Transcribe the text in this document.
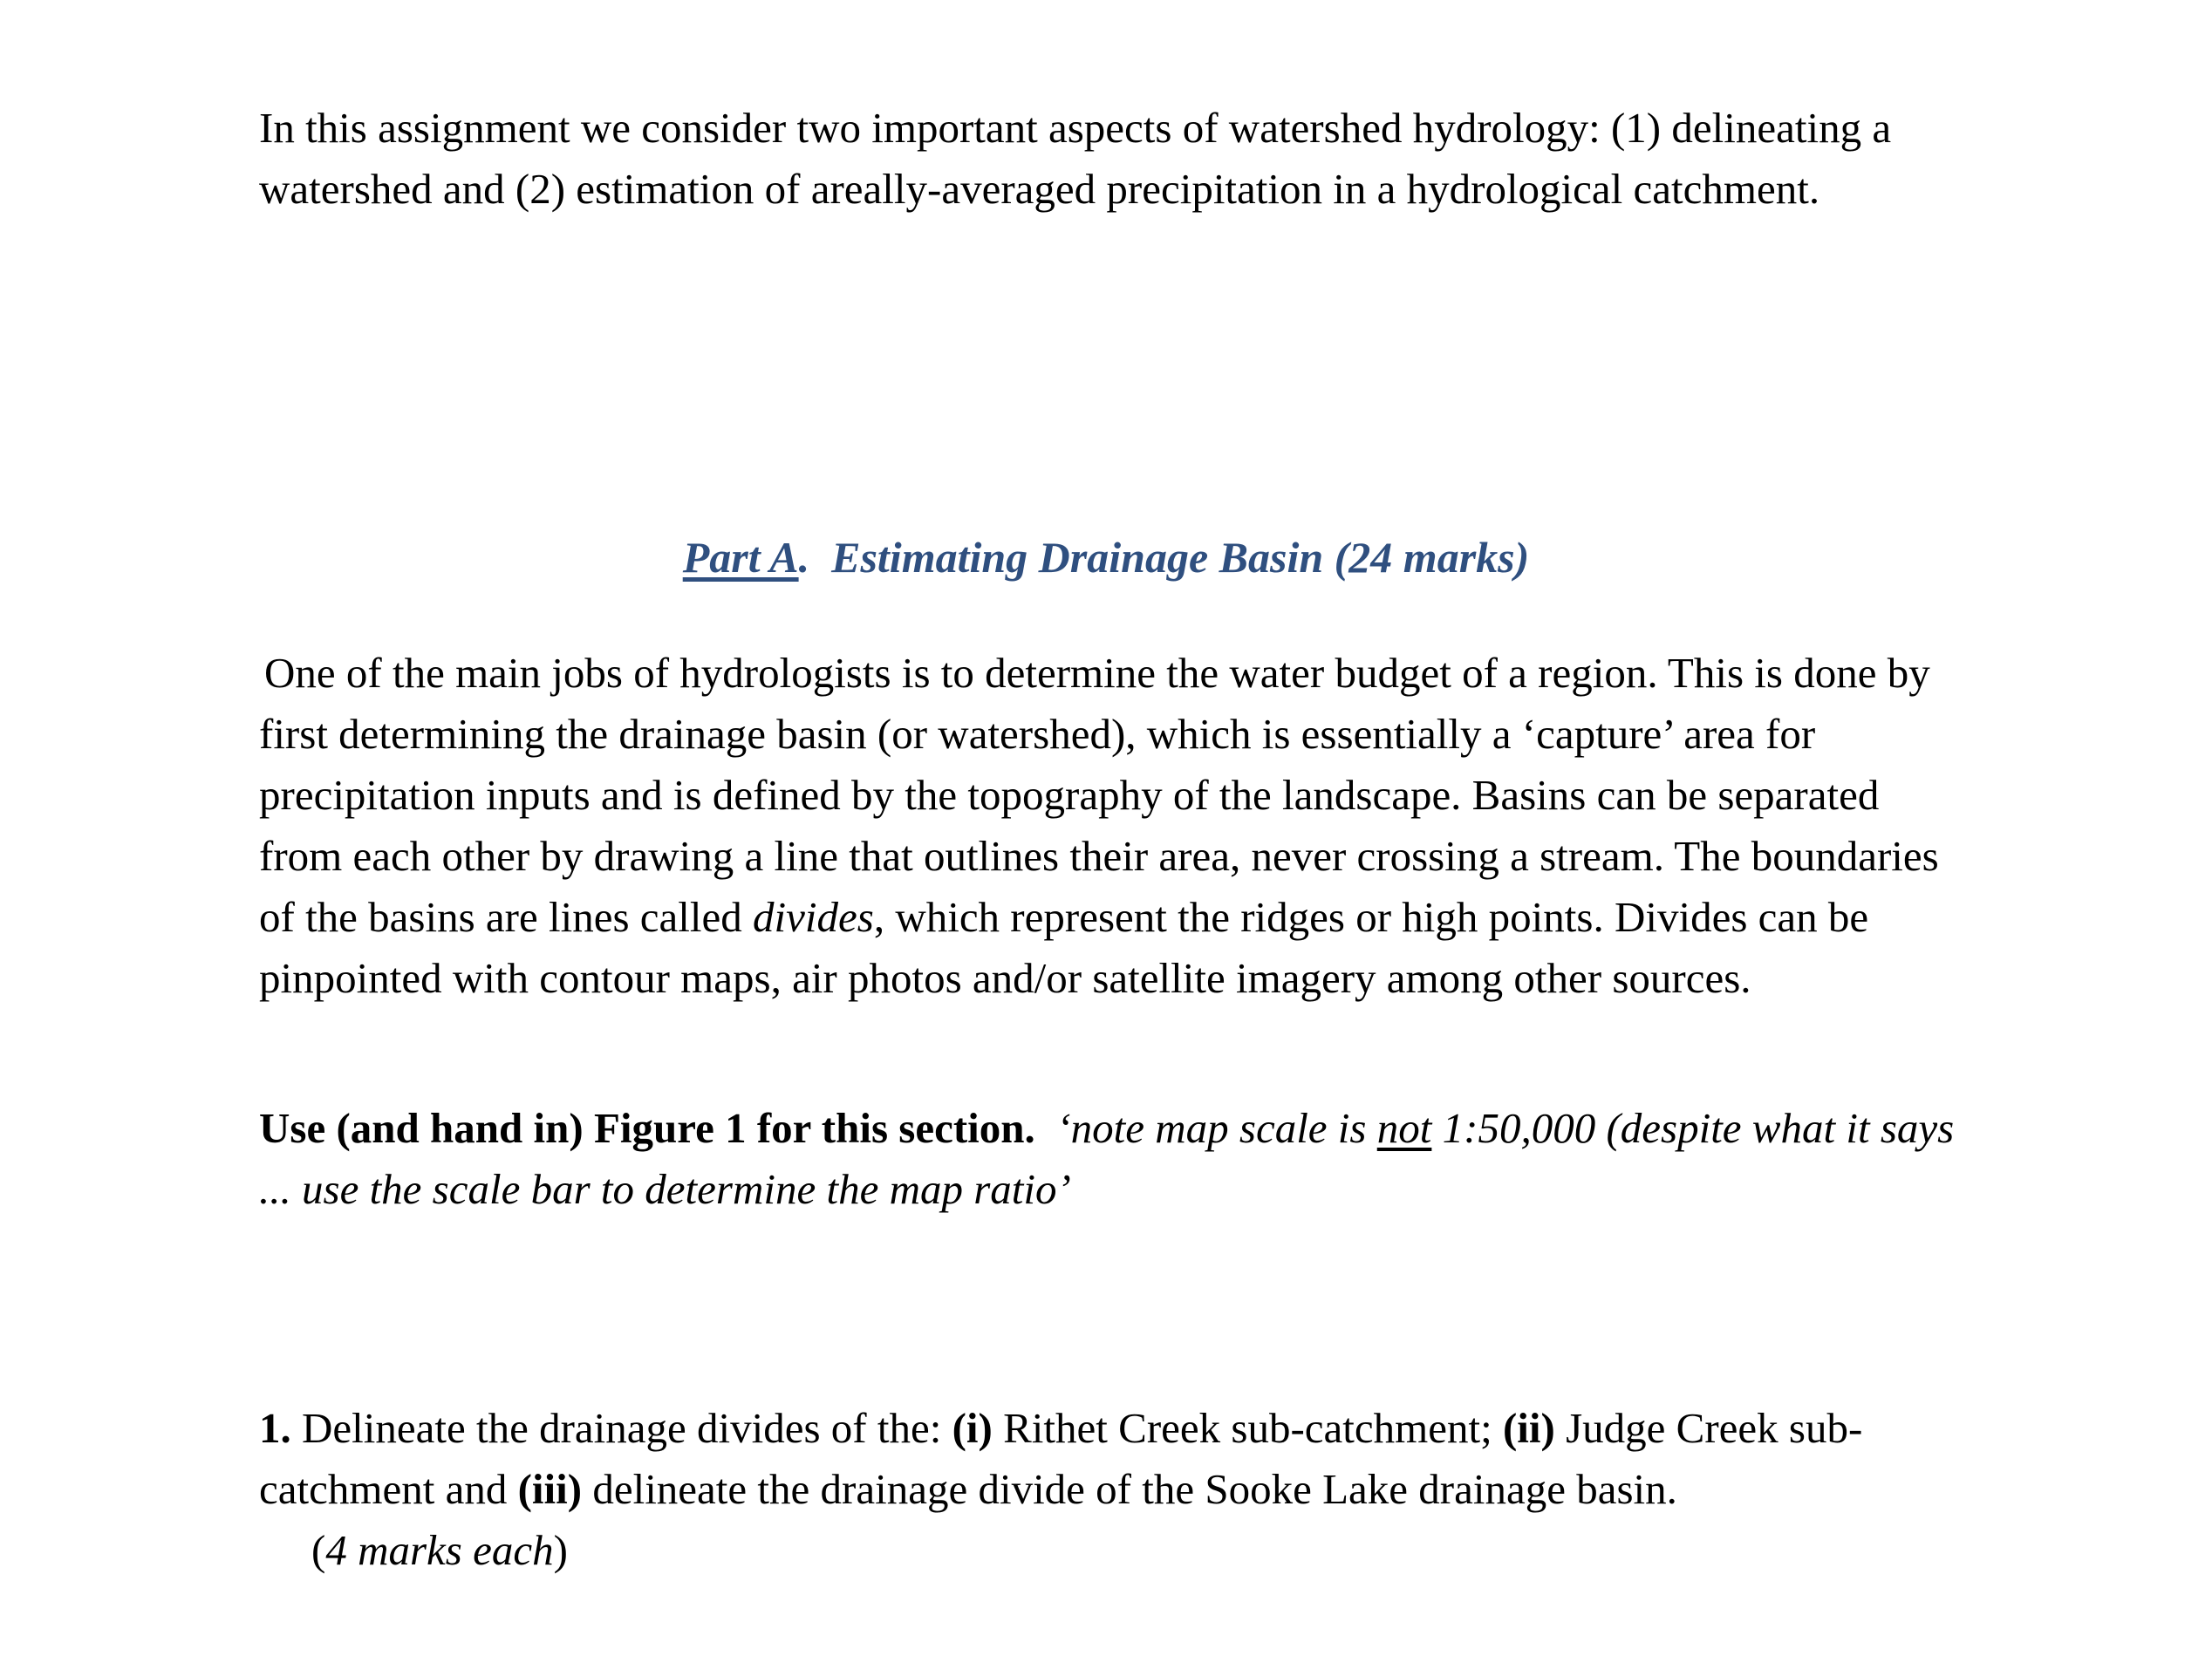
In this assignment we consider two important aspects of watershed hydrology: (1) delineating a watershed and (2) estimation of areally-averaged precipitation in a hydrological catchment.

Part A. Estimating Drainage Basin (24 marks)

One of the main jobs of hydrologists is to determine the water budget of a region. This is done by first determining the drainage basin (or watershed), which is essentially a ‘capture’ area for precipitation inputs and is defined by the topography of the landscape. Basins can be separated from each other by drawing a line that outlines their area, never crossing a stream. The boundaries of the basins are lines called divides, which represent the ridges or high points. Divides can be pinpointed with contour maps, air photos and/or satellite imagery among other sources.

Use (and hand in) Figure 1 for this section. ‘note map scale is not 1:50,000 (despite what it says ... use the scale bar to determine the map ratio’

1. Delineate the drainage divides of the: (i) Rithet Creek sub-catchment; (ii) Judge Creek sub-catchment and (iii) delineate the drainage divide of the Sooke Lake drainage basin.
(4 marks each)
